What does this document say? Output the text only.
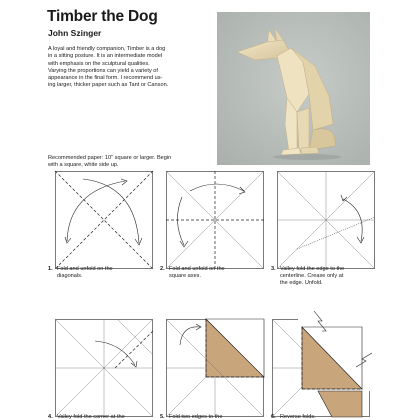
Timber the Dog
John Szinger

A loyal and friendly companion, Timber is a dog

in a sitting posture. It is an intermediate model

with emphasis on the sculptural qualities.

Varying the proportions can yield a variety of

appearance in the final form. I recommend us-

ing larger, thicker paper such as Tant or Canson.

Recommended paper: 10" square or larger. Begin

with a square, white side up.

1. Fold and unfold on the
diagonals.
2. Fold and unfold on the
square axes.
3. Valley fold the edge to the
centerline. Crease only at
the edge. Unfold.
4. Valley fold the corner at the	5. Fold two edges to the	6. Reverse folds.
